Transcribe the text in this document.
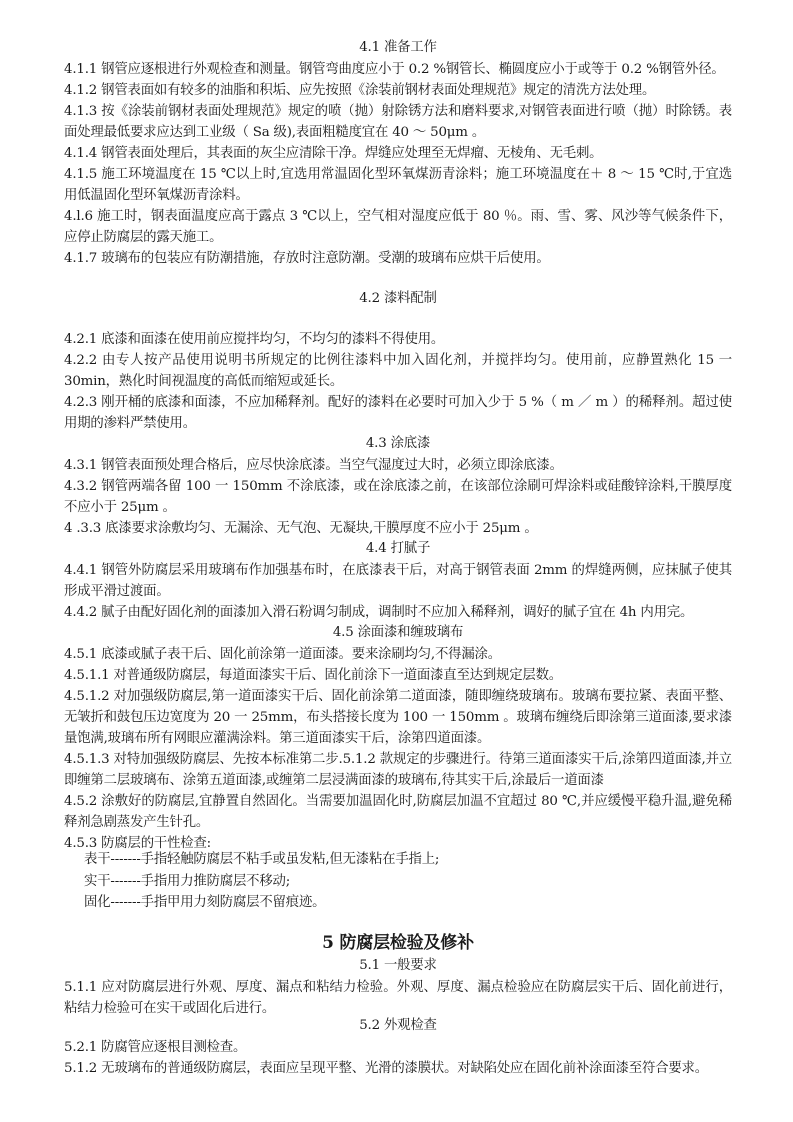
4.1 准备工作

4.1.1 钢管应逐根进行外观检查和测量。钢管弯曲度应小于 0.2 %钢管长、椭圆度应小于或等于 0.2 %钢管外径。

4.1.2 钢管表面如有较多的油脂和积垢、应先按照《涂装前钢材表面处理规范》规定的清洗方法处理。

4.1.3 按《涂装前钢材表面处理规范》规定的喷（抛）射除锈方法和磨料要求,对钢管表面进行喷（抛）时除锈。表面处理最低要求应达到工业级（ Sa 级),表面粗糙度宜在 40 ～ 50μm 。

4.1.4 钢管表面处理后，其表面的灰尘应清除干净。焊缝应处理至无焊瘤、无棱角、无毛刺。

4.1.5 施工环境温度在 15 ℃以上时,宜选用常温固化型环氧煤沥青涂料；施工环境温度在＋ 8 ～ 15 ℃时,于宜选用低温固化型环氧煤沥青涂料。

4.l.6 施工时，钢表面温度应高于露点 3 ℃以上，空气相对湿度应低于 80 ％。雨、雪、雾、风沙等气候条件下，应停止防腐层的露天施工。

4.1.7 玻璃布的包装应有防潮措施，存放时注意防潮。受潮的玻璃布应烘干后使用。

4.2 漆料配制

4.2.1 底漆和面漆在使用前应搅拌均匀，不均匀的漆料不得使用。

4.2.2 由专人按产品使用说明书所规定的比例往漆料中加入固化剂，并搅拌均匀。使用前，应静置熟化 15 一 30min，熟化时间视温度的高低而缩短或延长。

4.2.3 刚开桶的底漆和面漆，不应加稀释剂。配好的漆料在必要时可加入少于 5 %（ m ／ m ）的稀释剂。超过使用期的渗料严禁使用。

4.3 涂底漆

4.3.1 钢管表面预处理合格后，应尽快涂底漆。当空气湿度过大时，必须立即涂底漆。

4.3.2 钢管两端各留 100 一 150mm 不涂底漆，或在涂底漆之前，在该部位涂刷可焊涂料或硅酸锌涂料,干膜厚度不应小于 25μm 。

4 .3.3 底漆要求涂敷均匀、无漏涂、无气泡、无凝块,干膜厚度不应小于 25μm 。

4.4 打腻子

4.4.1 钢管外防腐层采用玻璃布作加强基布时，在底漆表干后，对高于钢管表面 2mm 的焊缝两侧，应抹腻子使其形成平滑过渡面。

4.4.2 腻子由配好固化剂的面漆加入滑石粉调匀制成，调制时不应加入稀释剂，调好的腻子宜在 4h 内用完。

4.5 涂面漆和缠玻璃布

4.5.1 底漆或腻子表干后、固化前涂第一道面漆。要来涂刷均匀,不得漏涂。

4.5.1.1 对普通级防腐层，每道面漆实干后、固化前涂下一道面漆直至达到规定层数。

4.5.1.2 对加强级防腐层,第一道面漆实干后、固化前涂第二道面漆，随即缠绕玻璃布。玻璃布要拉紧、表面平整、无皱折和鼓包压边宽度为 20 一 25mm，布头搭接长度为 100 一 150mm 。玻璃布缠绕后即涂第三道面漆,要求漆量饱满,玻璃布所有网眼应灌满涂料。第三道面漆实干后，涂第四道面漆。

4.5.1.3 对特加强级防腐层、先按本标准第二步.5.1.2 款规定的步骤进行。待第三道面漆实干后,涂第四道面漆,并立即缠第二层玻璃布、涂第五道面漆,或缠第二层浸满面漆的玻璃布,待其实干后,涂最后一道面漆

4.5.2 涂敷好的防腐层,宜静置自然固化。当需要加温固化时,防腐层加温不宜超过 80 ℃,并应缓慢平稳升温,避免稀释剂急剧蒸发产生针孔。

4.5.3 防腐层的干性检查:

表干-------手指轻触防腐层不粘手或虽发粘,但无漆粘在手指上;
实干-------手指用力推防腐层不移动;
固化-------手指甲用力刻防腐层不留痕迹。
5 防腐层检验及修补
5.1 一般要求

5.1.1 应对防腐层进行外观、厚度、漏点和粘结力检验。外观、厚度、漏点检验应在防腐层实干后、固化前进行，粘结力检验可在实干或固化后进行。

5.2 外观检查

5.2.1 防腐管应逐根目测检查。

5.1.2 无玻璃布的普通级防腐层，表面应呈现平整、光滑的漆膜状。对缺陷处应在固化前补涂面漆至符合要求。
